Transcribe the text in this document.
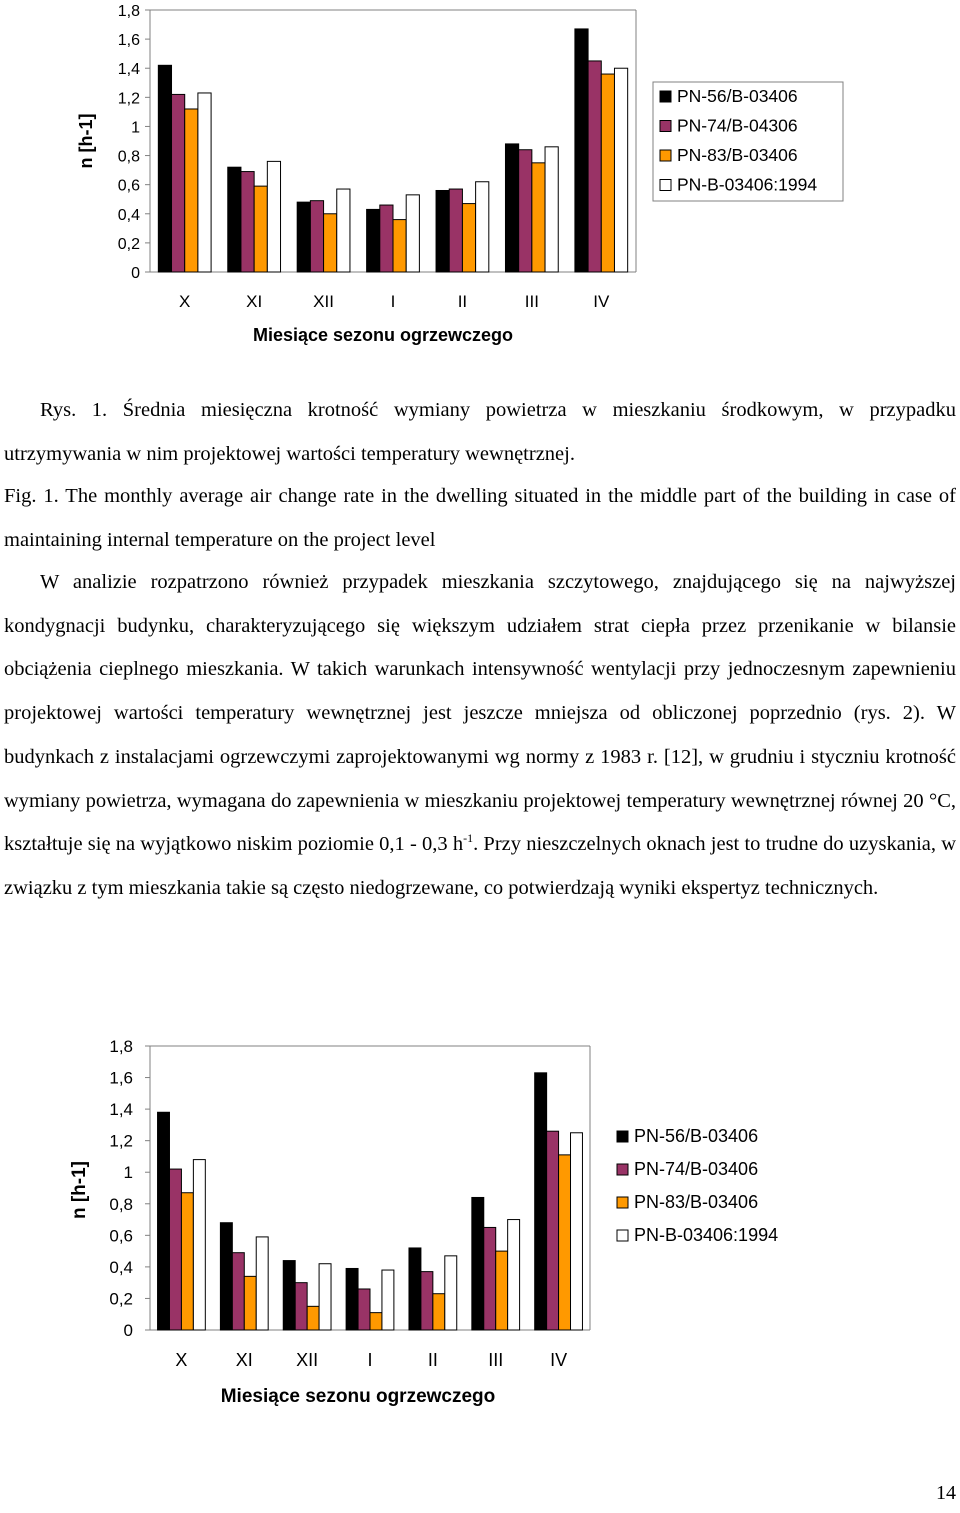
0
0,2
0,4
0,6
0,8
1
1,2
1,4
1,6
1,8
X	XI	XII	I	II	III	IV
Miesiące sezonu ogrzewczego
n [h-1]
PN-56/B-03406
PN-74/B-04306
PN-83/B-03406
PN-B-03406:1994
Rys. 1. Średnia miesięczna krotność wymiany powietrza w mieszkaniu środkowym, w przypadku utrzymywania w nim projektowej wartości temperatury wewnętrznej.
Fig. 1. The monthly average air change rate in the dwelling situated in the middle part of the building in case of maintaining internal temperature on the project level
W analizie rozpatrzono również przypadek mieszkania szczytowego, znajdującego się na najwyższej kondygnacji budynku, charakteryzującego się większym udziałem strat ciepła przez przenikanie w bilansie obciążenia cieplnego mieszkania. W takich warunkach intensywność wentylacji przy jednoczesnym zapewnieniu projektowej wartości temperatury wewnętrznej jest jeszcze mniejsza od obliczonej poprzednio (rys. 2). W budynkach z instalacjami ogrzewczymi zaprojektowanymi wg normy z 1983 r. [12], w grudniu i styczniu krotność wymiany powietrza, wymagana do zapewnienia w mieszkaniu projektowej temperatury wewnętrznej równej 20 °C, kształtuje się na wyjątkowo niskim poziomie 0,1 - 0,3 $h^{-1}$. Przy nieszczelnych oknach jest to trudne do uzyskania, w związku z tym mieszkania takie są często niedogrzewane, co potwierdzają wyniki ekspertyz technicznych.
0
0,2
0,4
0,6
0,8
1
1,2
1,4
1,6
1,8
X	XI XII	I	II	III	IV
Miesiące sezonu ogrzewczego
n [h-1]
PN-56/B-03406
PN-74/B-03406
PN-83/B-03406
PN-B-03406:1994
14
